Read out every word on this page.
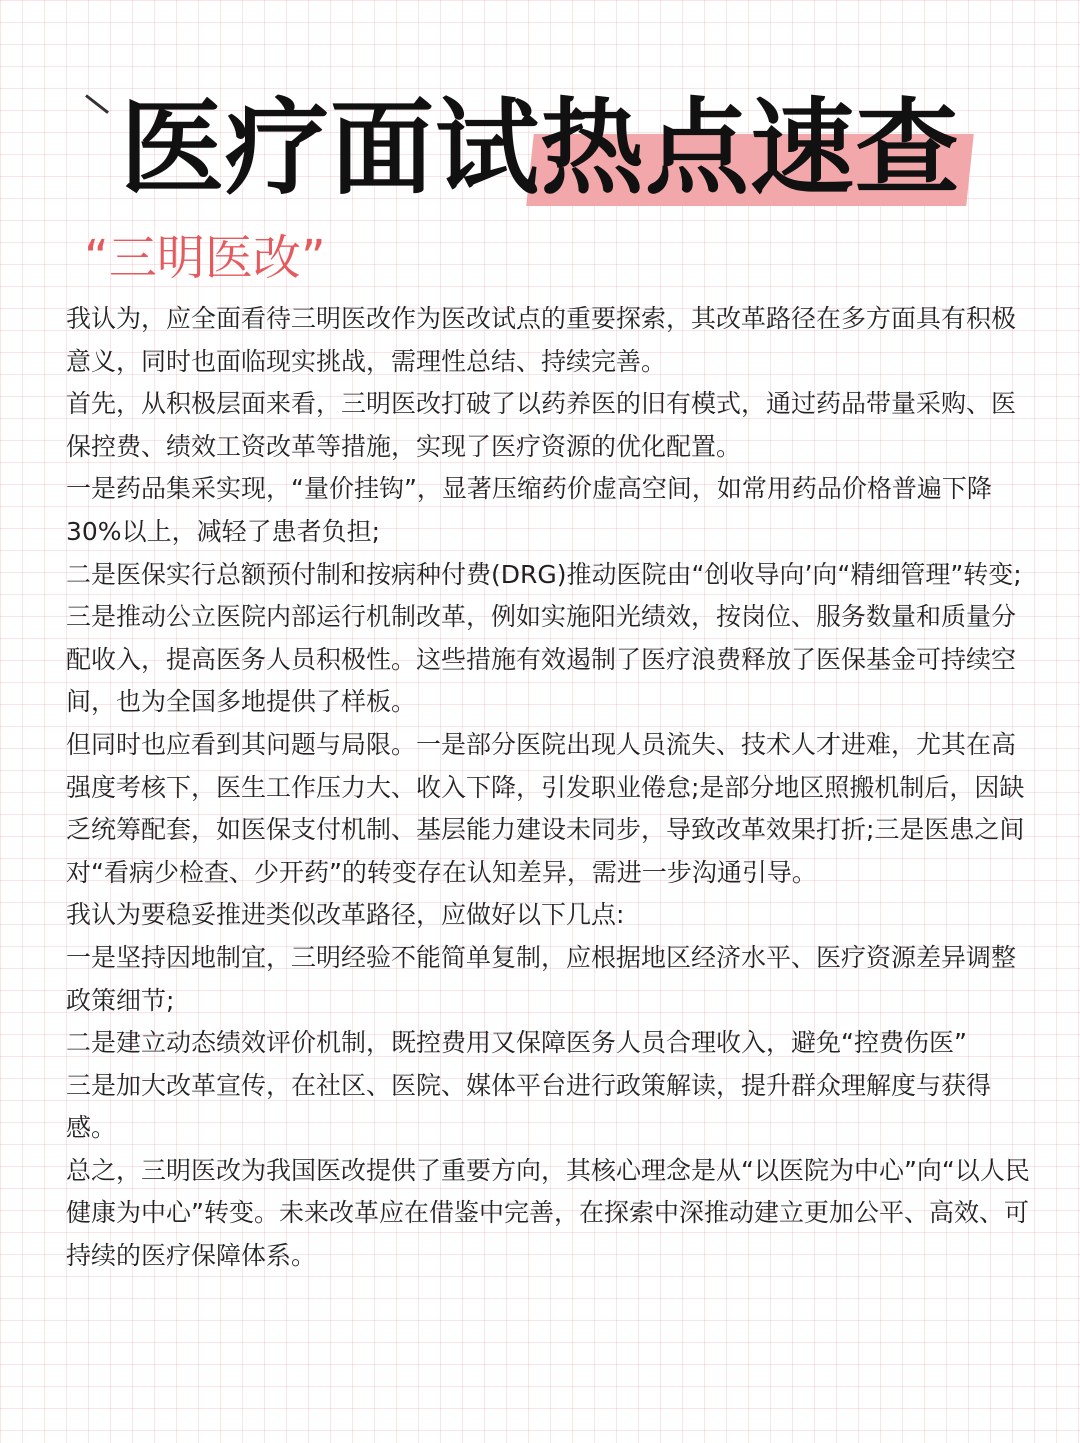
医疗面试热点速查
“三明医改”

我认为，应全面看待三明医改作为医改试点的重要探索，其改革路径在多方面具有积极意义，同时也面临现实挑战，需理性总结、持续完善。

首先，从积极层面来看，三明医改打破了以药养医的旧有模式，通过药品带量采购、医保控费、绩效工资改革等措施，实现了医疗资源的优化配置。

一是药品集采实现，“量价挂钩”，显著压缩药价虚高空间，如常用药品价格普遍下降30%以上，减轻了患者负担;

二是医保实行总额预付制和按病种付费(DRG)推动医院由“创收导向’向“精细管理”转变;

三是推动公立医院内部运行机制改革，例如实施阳光绩效，按岗位、服务数量和质量分配收入，提高医务人员积极性。这些措施有效遏制了医疗浪费释放了医保基金可持续空间，也为全国多地提供了样板。

但同时也应看到其问题与局限。一是部分医院出现人员流失、技术人才进难，尤其在高强度考核下，医生工作压力大、收入下降，引发职业倦怠;是部分地区照搬机制后，因缺乏统筹配套，如医保支付机制、基层能力建设未同步，导致改革效果打折;三是医患之间对“看病少检查、少开药”的转变存在认知差异，需进一步沟通引导。

我认为要稳妥推进类似改革路径，应做好以下几点:

一是坚持因地制宜，三明经验不能简单复制，应根据地区经济水平、医疗资源差异调整政策细节;

二是建立动态绩效评价机制，既控费用又保障医务人员合理收入，避免“控费伤医”

三是加大改革宣传，在社区、医院、媒体平台进行政策解读，提升群众理解度与获得感。

总之，三明医改为我国医改提供了重要方向，其核心理念是从“以医院为中心”向“以人民健康为中心”转变。未来改革应在借鉴中完善，在探索中深推动建立更加公平、高效、可持续的医疗保障体系。
